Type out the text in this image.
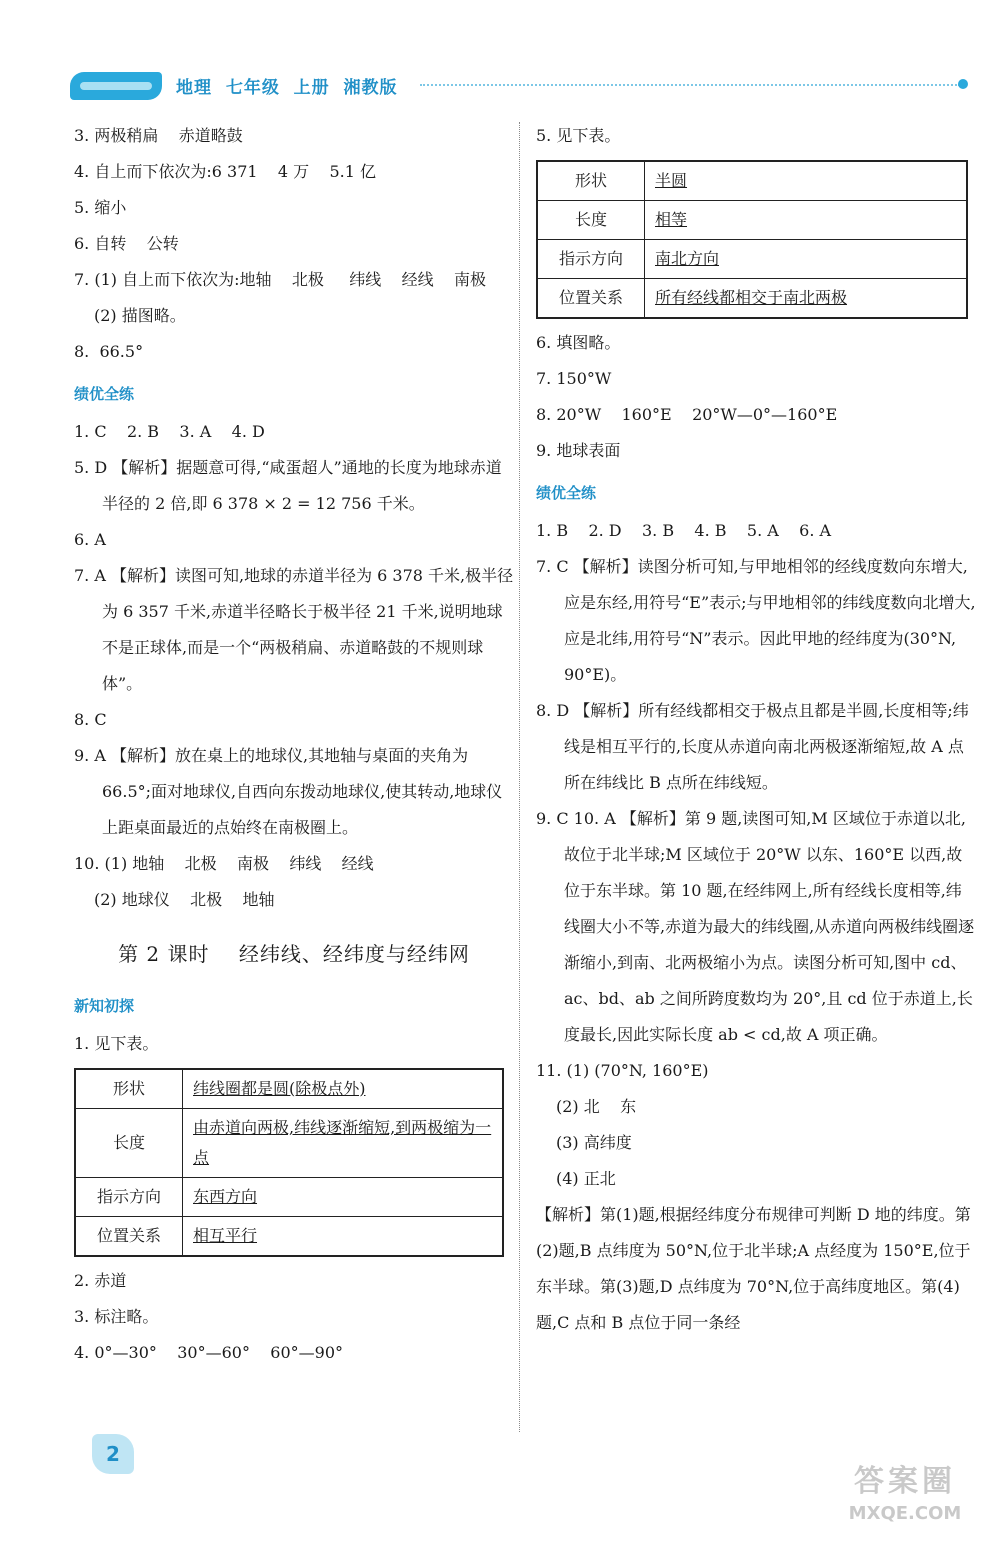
地理  七年级  上册  湘教版

3. 两极稍扁    赤道略鼓

4. 自上而下依次为:6 371    4 万    5.1 亿

5. 缩小

6. 自转    公转

7. (1) 自上而下依次为:地轴    北极     纬线    经线    南极

(2) 描图略。

8.  66.5°

绩优全练

1. C    2. B    3. A    4. D

5. D 【解析】据题意可得,“咸蛋超人”通地的长度为地球赤道半径的 2 倍,即 6 378 × 2 = 12 756 千米。

6. A

7. A 【解析】读图可知,地球的赤道半径为 6 378 千米,极半径为 6 357 千米,赤道半径略长于极半径 21 千米,说明地球不是正球体,而是一个“两极稍扁、赤道略鼓的不规则球体”。

8. C

9. A 【解析】放在桌上的地球仪,其地轴与桌面的夹角为 66.5°;面对地球仪,自西向东拨动地球仪,使其转动,地球仪上距桌面最近的点始终在南极圈上。

10. (1) 地轴    北极    南极    纬线    经线

(2) 地球仪    北极    地轴

第 2 课时    经纬线、经纬度与经纬网
新知初探

1. 见下表。

形状	纬线圈都是圆(除极点外)
长度	由赤道向两极,纬线逐渐缩短,到两极缩为一点
指示方向	东西方向
位置关系	相互平行

2. 赤道

3. 标注略。

4. 0°—30°    30°—60°    60°—90°

5. 见下表。

形状	半圆
长度	相等
指示方向	南北方向
位置关系	所有经线都相交于南北两极

6. 填图略。

7. 150°W

8. 20°W    160°E    20°W—0°—160°E

9. 地球表面

绩优全练

1. B    2. D    3. B    4. B    5. A    6. A

7. C 【解析】读图分析可知,与甲地相邻的经线度数向东增大,应是东经,用符号“E”表示;与甲地相邻的纬线度数向北增大,应是北纬,用符号“N”表示。因此甲地的经纬度为(30°N, 90°E)。

8. D 【解析】所有经线都相交于极点且都是半圆,长度相等;纬线是相互平行的,长度从赤道向南北两极逐渐缩短,故 A 点所在纬线比 B 点所在纬线短。

9. C 10. A 【解析】第 9 题,读图可知,M 区域位于赤道以北,故位于北半球;M 区域位于 20°W 以东、160°E 以西,故位于东半球。第 10 题,在经纬网上,所有经线长度相等,纬线圈大小不等,赤道为最大的纬线圈,从赤道向两极纬线圈逐渐缩小,到南、北两极缩小为点。读图分析可知,图中 cd、ac、bd、ab 之间所跨度数均为 20°,且 cd 位于赤道上,长度最长,因此实际长度 ab < cd,故 A 项正确。

11. (1) (70°N, 160°E)

(2) 北    东

(3) 高纬度

(4) 正北

【解析】第(1)题,根据经纬度分布规律可判断 D 地的纬度。第(2)题,B 点纬度为 50°N,位于北半球;A 点经度为 150°E,位于东半球。第(3)题,D 点纬度为 70°N,位于高纬度地区。第(4)题,C 点和 B 点位于同一条经

2
答案圈
MXQE.COM
